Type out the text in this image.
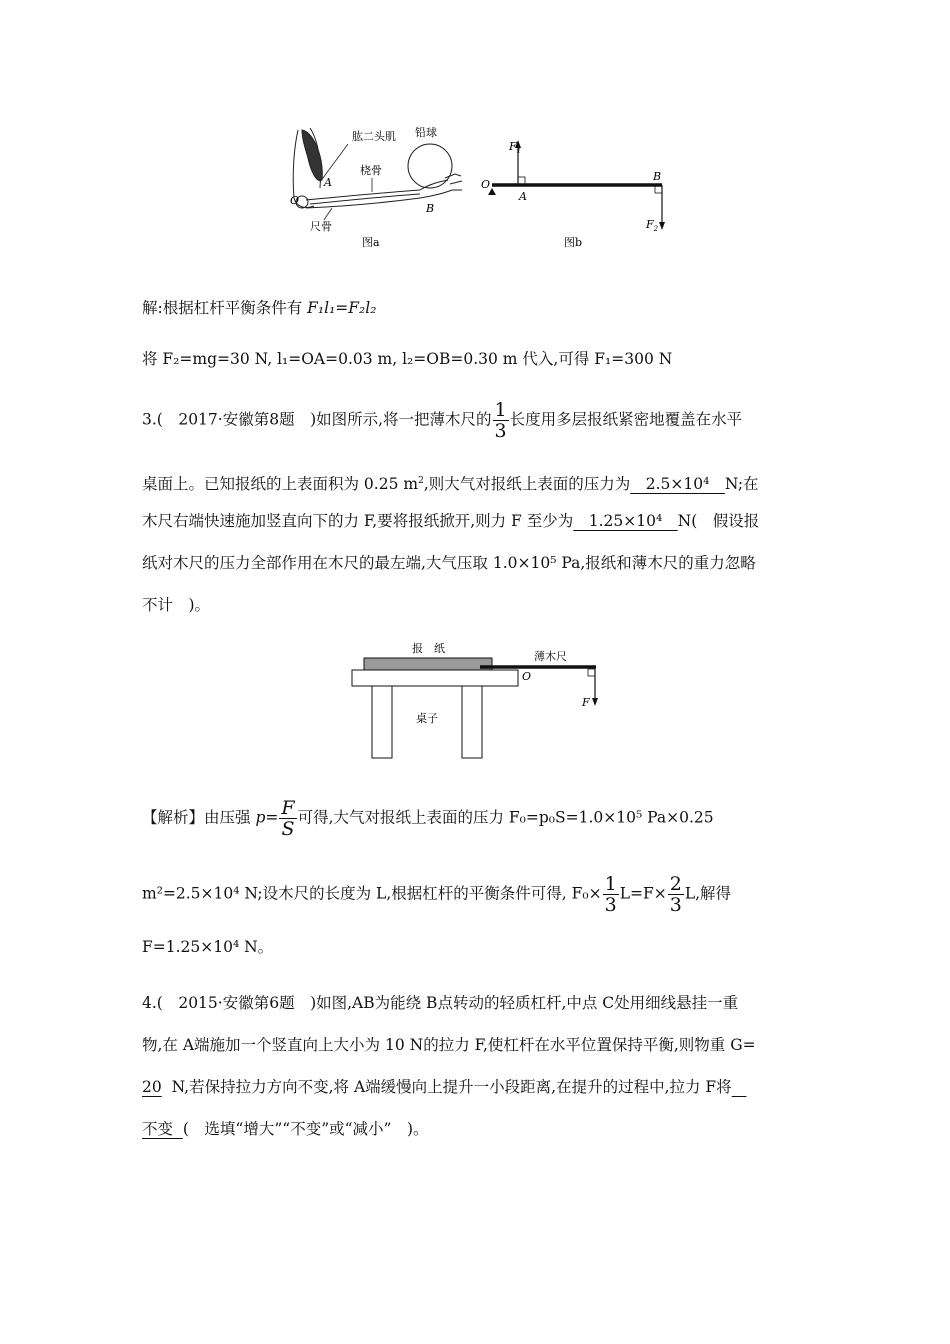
肱二头肌 铅球
桡骨
尺骨
O
A
B
图a
O
$F_1$
A
B
$F_2$
图b
解:根据杠杆平衡条件有 F₁l₁=F₂l₂
将 F₂=mg=30 N, l₁=OA=0.03 m, l₂=OB=0.30 m 代入,可得 F₁=300 N
3.(　2017·安徽第8题　)如图所示,将一把薄木尺的 $\frac{1}{3}$ 长度用多层报纸紧密地覆盖在水平
桌面上。已知报纸的上表面积为 0.25 $m^2$,则大气对报纸上表面的压力为　2.5×10⁴　N;在
木尺右端快速施加竖直向下的力 F,要将报纸掀开,则力 F 至少为　1.25×10⁴　N(　假设报
纸对木尺的压力全部作用在木尺的最左端,大气压取 1.0×10⁵ Pa,报纸和薄木尺的重力忽略
不计　)。
报　纸
薄木尺
O
F
桌子
【解析】由压强 $p= \frac{F}{S}$ 可得,大气对报纸上表面的压力 F₀=p₀S=1.0×10⁵ Pa×0.25
m²=2.5×10⁴ N;设木尺的长度为 L,根据杠杆的平衡条件可得, $F_0\times \frac{1}{3} L=F\times \frac{2}{3} L$,解得
F=1.25×10⁴ N。
4.(　2015·安徽第6题　)如图,AB为能绕 B点转动的轻质杠杆,中点 C处用细线悬挂一重
物,在 A端施加一个竖直向上大小为 10 N的拉力 F,使杠杆在水平位置保持平衡,则物重 G=
20 N,若保持拉力方向不变,将 A端缓慢向上提升一小段距离,在提升的过程中,拉力 F将
不变 (　选填“增大”“不变”或“减小”　)。
